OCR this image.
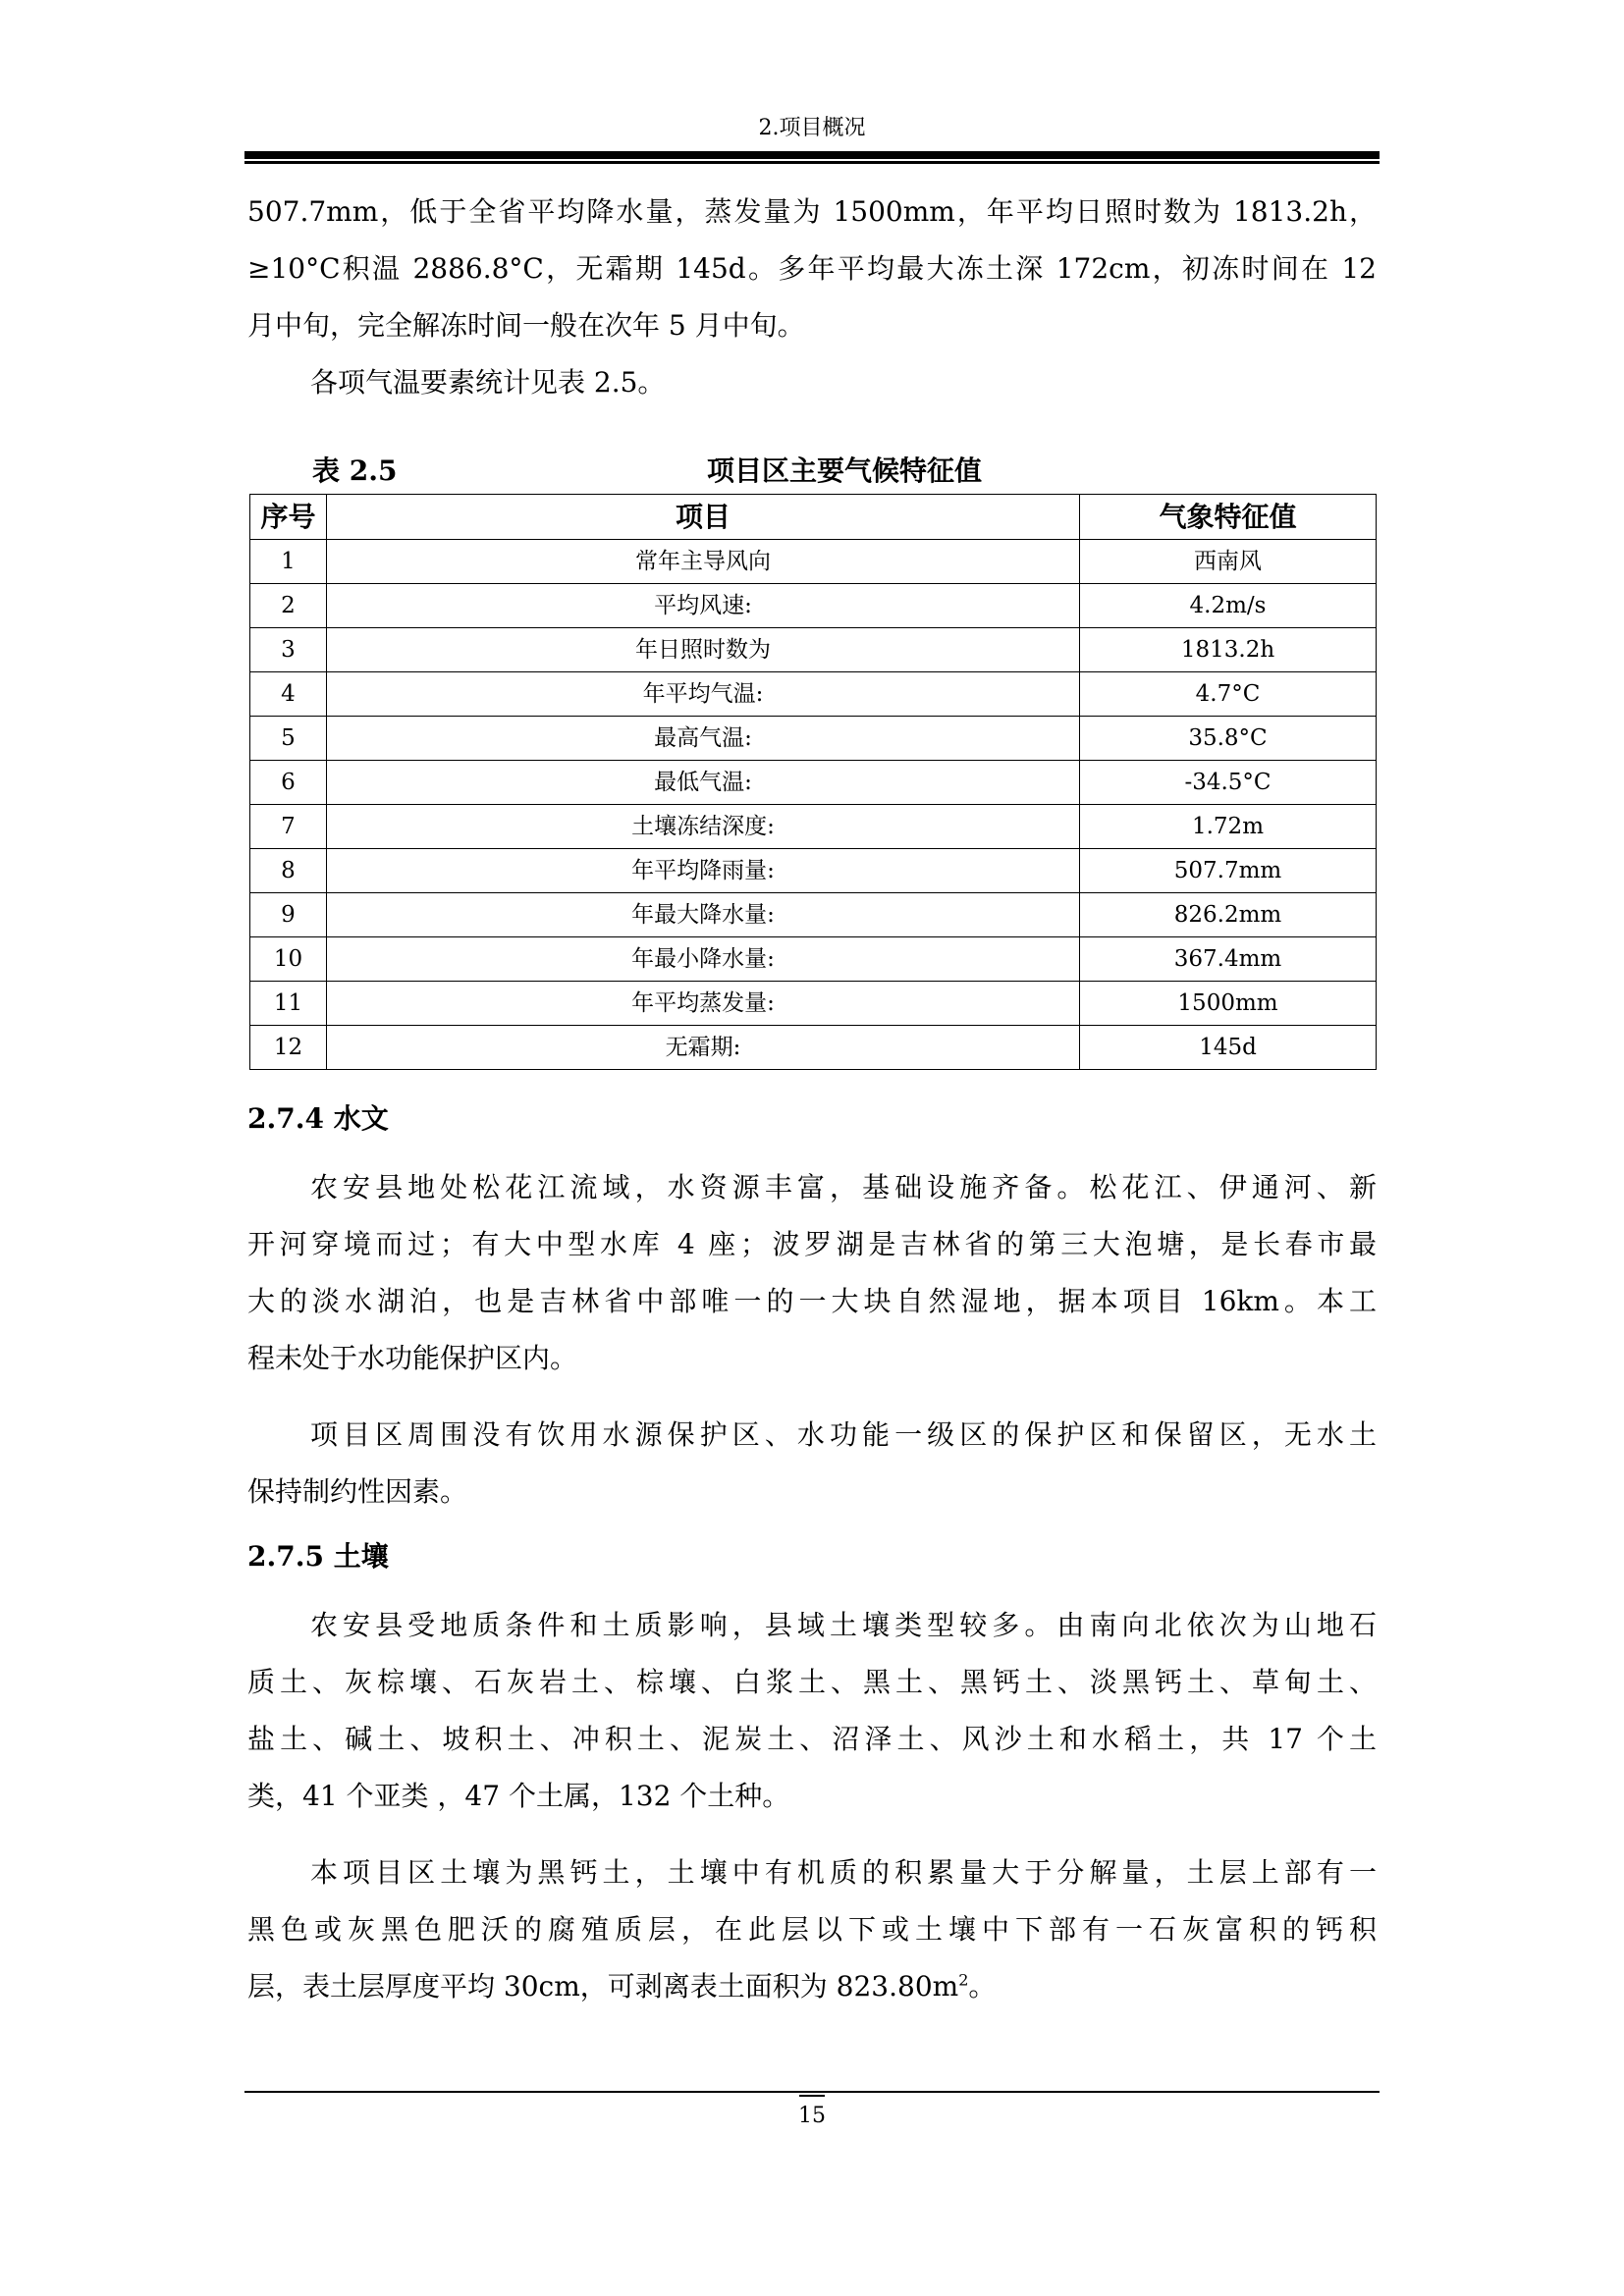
2.项目概况
507.7mm，低于全省平均降水量，蒸发量为 1500mm，年平均日照时数为 1813.2h，
≥10°C积温 2886.8°C，无霜期 145d。多年平均最大冻土深 172cm，初冻时间在 12
月中旬，完全解冻时间一般在次年 5 月中旬。
各项气温要素统计见表 2.5。
表 2.5	项目区主要气候特征值
序号	项目	气象特征值
1	常年主导风向	西南风
2	平均风速:	4.2m/s
3	年日照时数为	1813.2h
4	年平均气温:	4.7°C
5	最高气温:	35.8°C
6	最低气温:	-34.5°C
7	土壤冻结深度:	1.72m
8	年平均降雨量:	507.7mm
9	年最大降水量:	826.2mm
10	年最小降水量:	367.4mm
11	年平均蒸发量:	1500mm
12	无霜期:	145d
2.7.4 水文
农安县地处松花江流域，水资源丰富，基础设施齐备。松花江、伊通河、新
开河穿境而过；有大中型水库 4 座；波罗湖是吉林省的第三大泡塘，是长春市最
大的淡水湖泊，也是吉林省中部唯一的一大块自然湿地，据本项目 16km。本工
程未处于水功能保护区内。
项目区周围没有饮用水源保护区、水功能一级区的保护区和保留区，无水土
保持制约性因素。
2.7.5 土壤
农安县受地质条件和土质影响，县域土壤类型较多。由南向北依次为山地石
质土、灰棕壤、石灰岩土、棕壤、白浆土、黑土、黑钙土、淡黑钙土、草甸土、
盐土、碱土、坡积土、冲积土、泥炭土、沼泽土、风沙土和水稻土，共 17 个土
类，41 个亚类 ，47 个土属，132 个土种。
本项目区土壤为黑钙土，土壤中有机质的积累量大于分解量，土层上部有一
黑色或灰黑色肥沃的腐殖质层，在此层以下或土壤中下部有一石灰富积的钙积
层，表土层厚度平均 30cm，可剥离表土面积为 $823.80m^2$。
15
